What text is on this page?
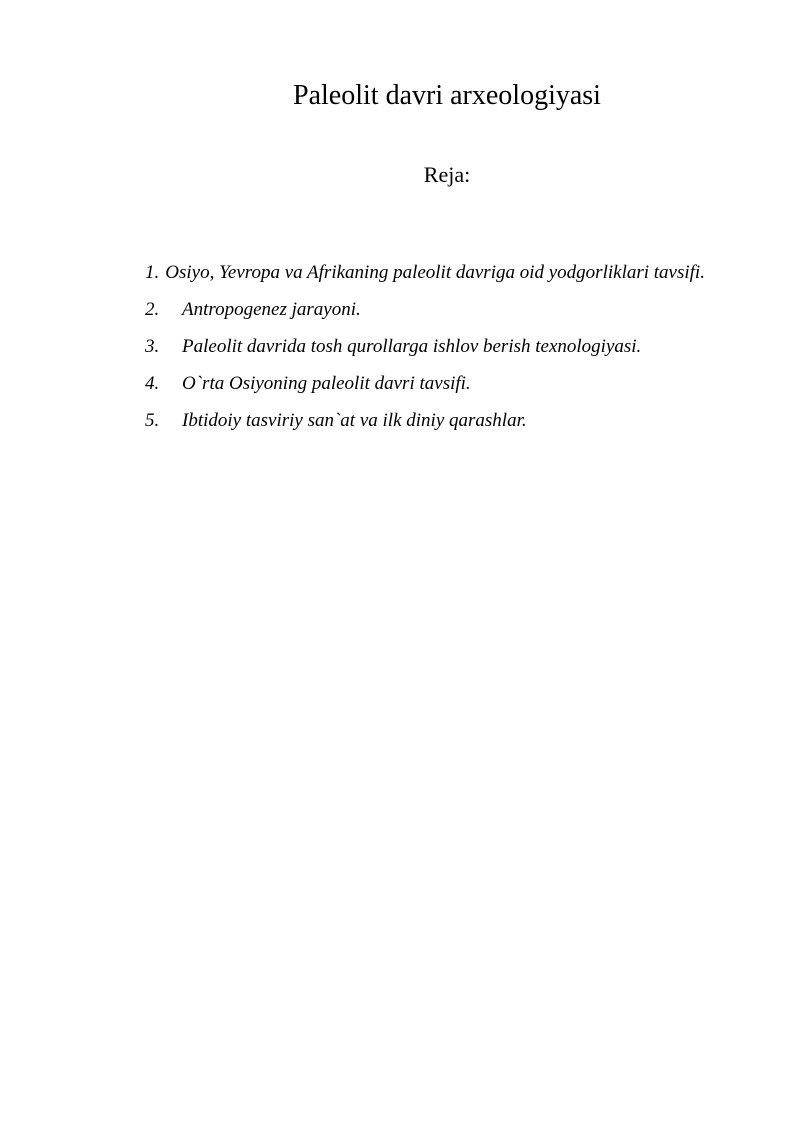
Paleolit davri arxeologiyasi
Reja:

1. Osiyo, Yevropa va Afrikaning paleolit davriga oid yodgorliklari tavsifi.

2.	Antropogenez jarayoni.

3.	Paleolit davrida tosh qurollarga ishlov berish texnologiyasi.

4.	O`rta Osiyoning paleolit davri tavsifi.

5.	Ibtidoiy tasviriy san`at va ilk diniy qarashlar.
